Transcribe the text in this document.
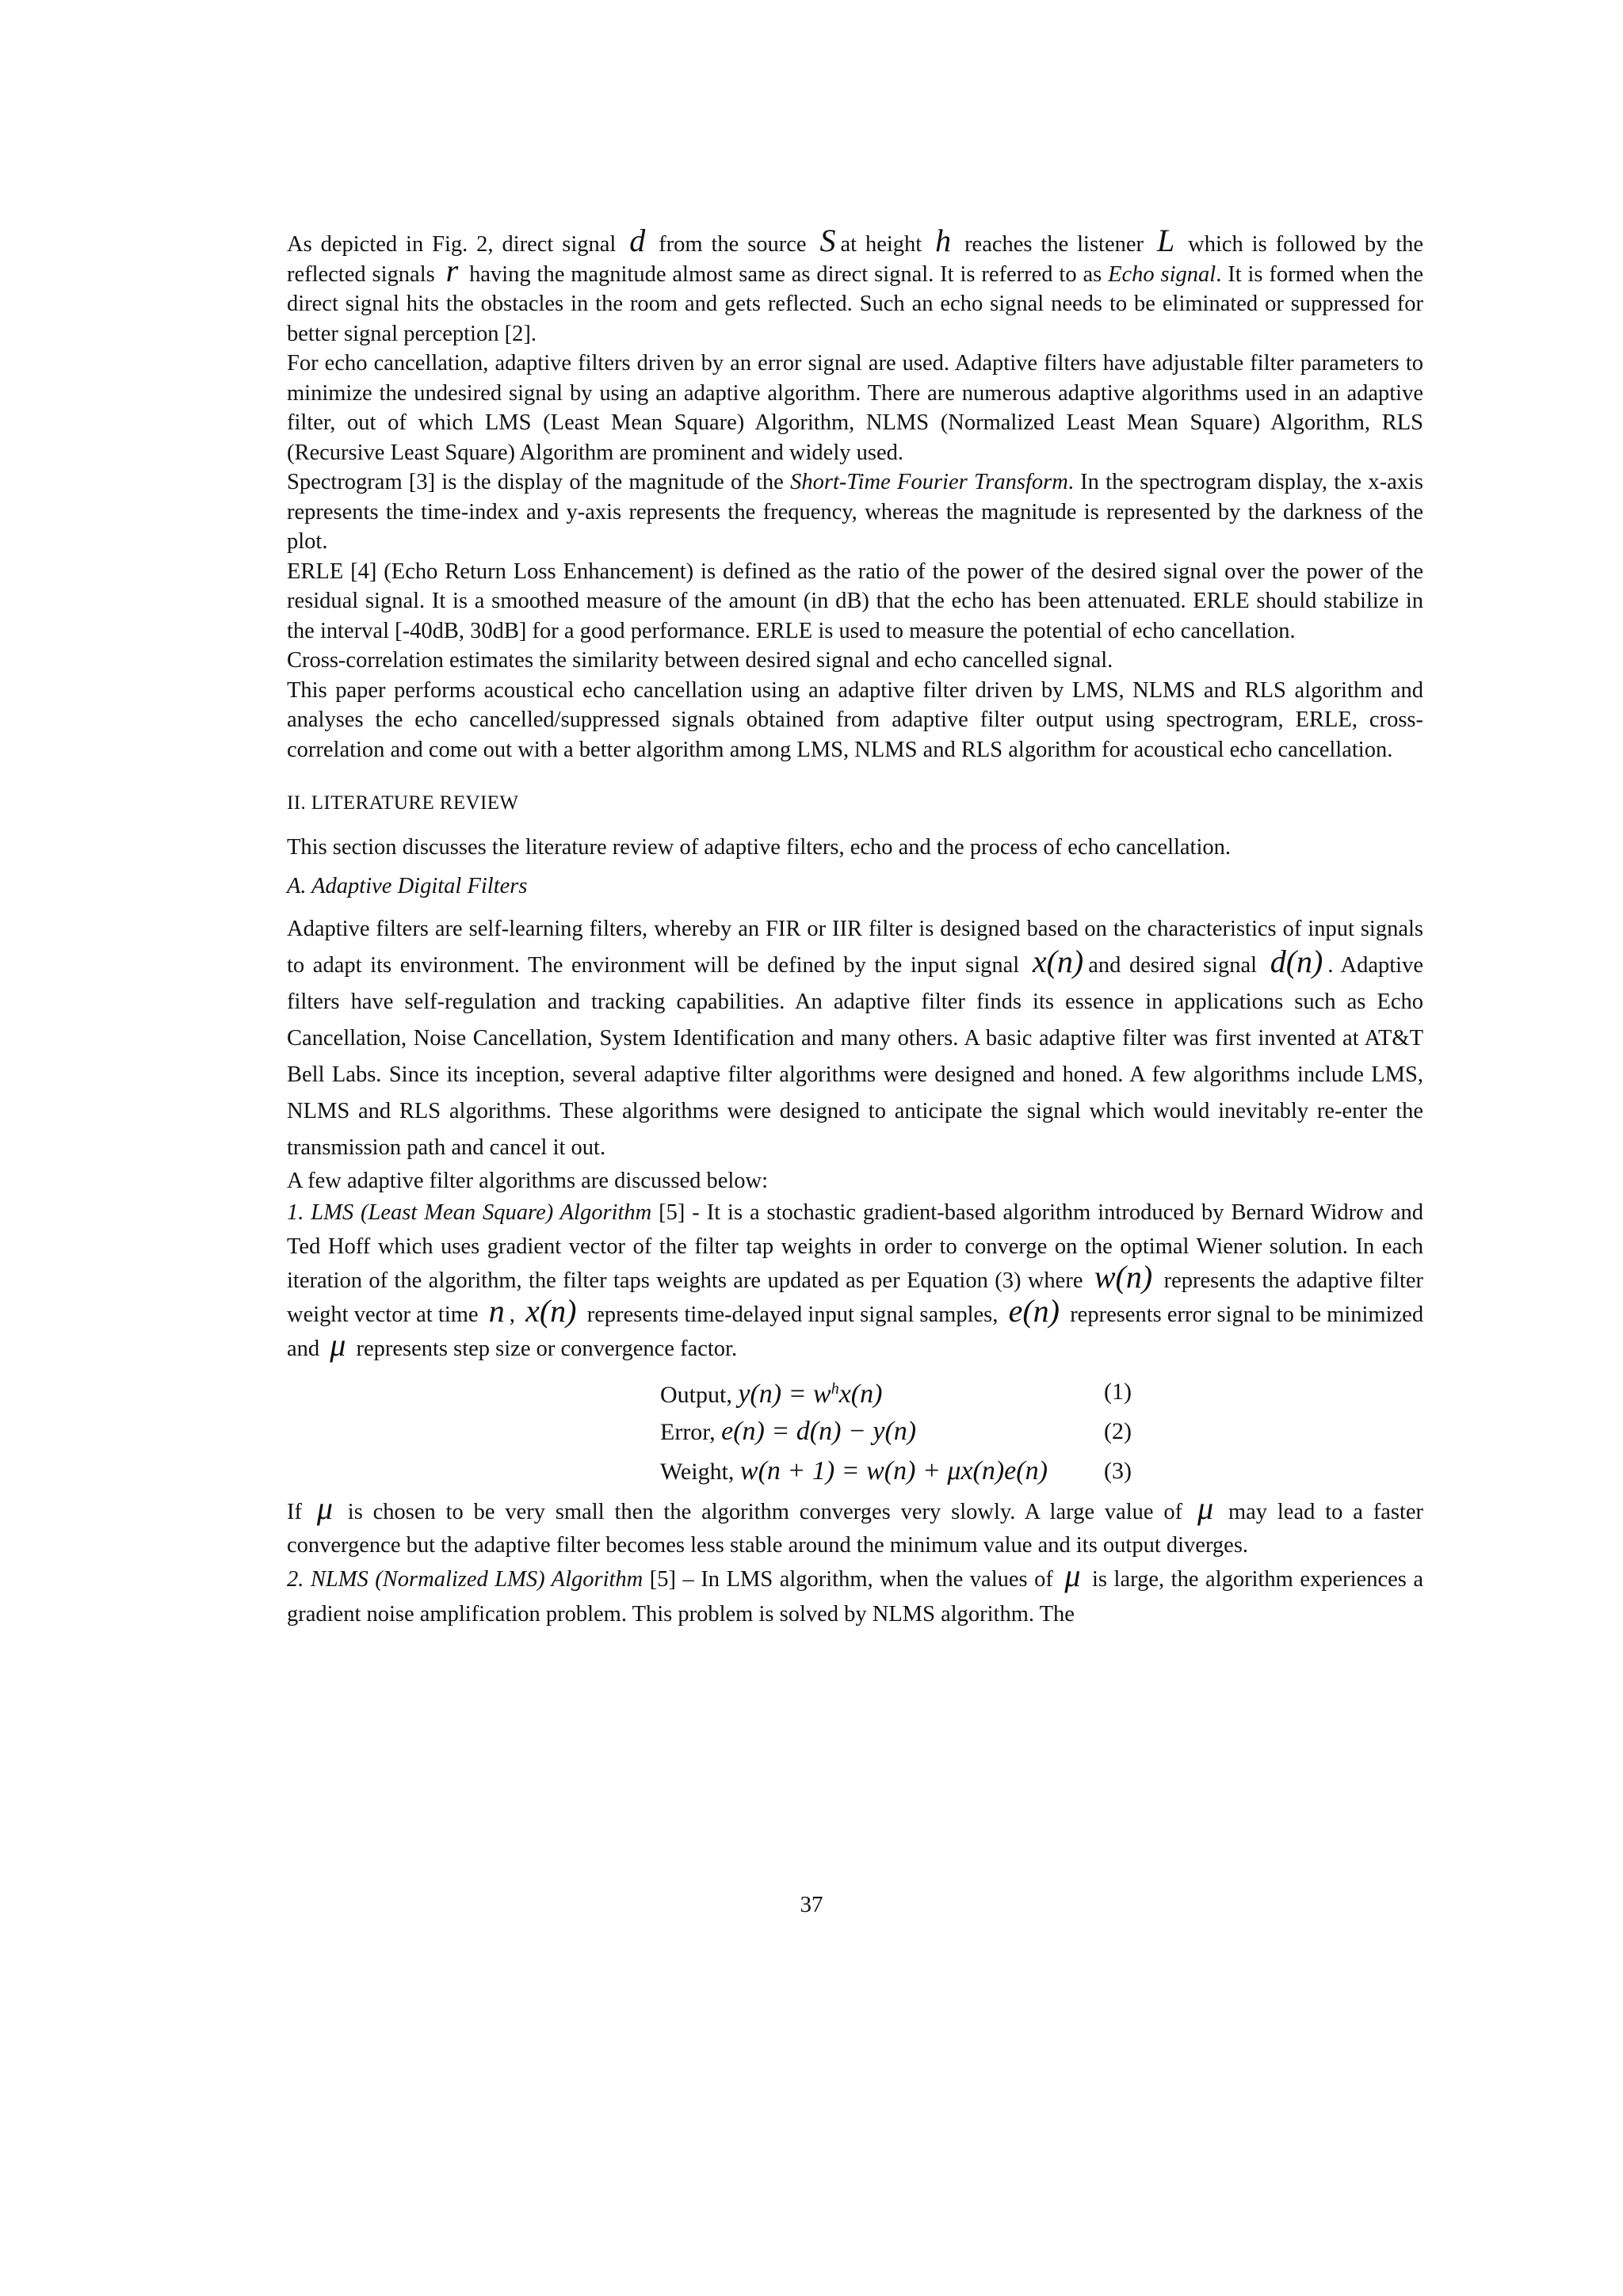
As depicted in Fig. 2, direct signal d from the source S at height h reaches the listener L which is followed by the reflected signals r having the magnitude almost same as direct signal. It is referred to as Echo signal. It is formed when the direct signal hits the obstacles in the room and gets reflected. Such an echo signal needs to be eliminated or suppressed for better signal perception [2].

For echo cancellation, adaptive filters driven by an error signal are used. Adaptive filters have adjustable filter parameters to minimize the undesired signal by using an adaptive algorithm. There are numerous adaptive algorithms used in an adaptive filter, out of which LMS (Least Mean Square) Algorithm, NLMS (Normalized Least Mean Square) Algorithm, RLS (Recursive Least Square) Algorithm are prominent and widely used.

Spectrogram [3] is the display of the magnitude of the Short-Time Fourier Transform. In the spectrogram display, the x-axis represents the time-index and y-axis represents the frequency, whereas the magnitude is represented by the darkness of the plot.

ERLE [4] (Echo Return Loss Enhancement) is defined as the ratio of the power of the desired signal over the power of the residual signal. It is a smoothed measure of the amount (in dB) that the echo has been attenuated. ERLE should stabilize in the interval [-40dB, 30dB] for a good performance. ERLE is used to measure the potential of echo cancellation.

Cross-correlation estimates the similarity between desired signal and echo cancelled signal.

This paper performs acoustical echo cancellation using an adaptive filter driven by LMS, NLMS and RLS algorithm and analyses the echo cancelled/suppressed signals obtained from adaptive filter output using spectrogram, ERLE, cross-correlation and come out with a better algorithm among LMS, NLMS and RLS algorithm for acoustical echo cancellation.

II. LITERATURE REVIEW

This section discusses the literature review of adaptive filters, echo and the process of echo cancellation.

A. Adaptive Digital Filters

Adaptive filters are self-learning filters, whereby an FIR or IIR filter is designed based on the characteristics of input signals to adapt its environment. The environment will be defined by the input signal x(n) and desired signal d(n) . Adaptive filters have self-regulation and tracking capabilities. An adaptive filter finds its essence in applications such as Echo Cancellation, Noise Cancellation, System Identification and many others. A basic adaptive filter was first invented at AT&T Bell Labs. Since its inception, several adaptive filter algorithms were designed and honed. A few algorithms include LMS, NLMS and RLS algorithms. These algorithms were designed to anticipate the signal which would inevitably re-enter the transmission path and cancel it out.

A few adaptive filter algorithms are discussed below:

1. LMS (Least Mean Square) Algorithm [5] - It is a stochastic gradient-based algorithm introduced by Bernard Widrow and Ted Hoff which uses gradient vector of the filter tap weights in order to converge on the optimal Wiener solution. In each iteration of the algorithm, the filter taps weights are updated as per Equation (3) where w(n) represents the adaptive filter weight vector at time n , x(n) represents time-delayed input signal samples, e(n) represents error signal to be minimized and μ represents step size or convergence factor.

Output, $y(n) = w^hx(n)$	(1)
Error, e(n) = d(n) − y(n)	(2)
Weight, w(n + 1) = w(n) + μx(n)e(n)	(3)

If μ is chosen to be very small then the algorithm converges very slowly. A large value of μ may lead to a faster convergence but the adaptive filter becomes less stable around the minimum value and its output diverges.

2. NLMS (Normalized LMS) Algorithm [5] – In LMS algorithm, when the values of μ is large, the algorithm experiences a gradient noise amplification problem. This problem is solved by NLMS algorithm. The

37
